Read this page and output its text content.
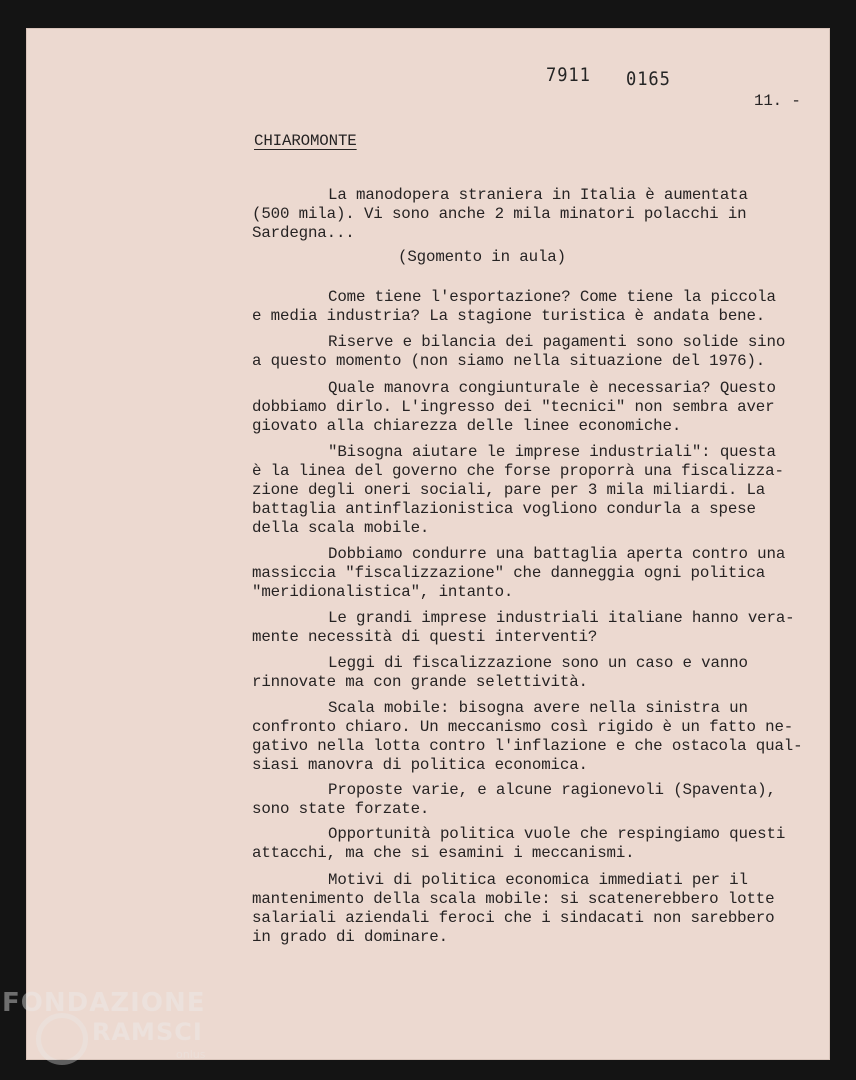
7911 0165
11. -
CHIAROMONTE
La manodopera straniera in Italia è aumentata
(500 mila). Vi sono anche 2 mila minatori polacchi in
Sardegna...
(Sgomento in aula)
Come tiene l'esportazione? Come tiene la piccola
e media industria? La stagione turistica è andata bene.
Riserve e bilancia dei pagamenti sono solide sino
a questo momento (non siamo nella situazione del 1976).
Quale manovra congiunturale è necessaria? Questo
dobbiamo dirlo. L'ingresso dei "tecnici" non sembra aver
giovato alla chiarezza delle linee economiche.
"Bisogna aiutare le imprese industriali": questa
è la linea del governo che forse proporrà una fiscalizza-
zione degli oneri sociali, pare per 3 mila miliardi. La
battaglia antinflazionistica vogliono condurla a spese
della scala mobile.
Dobbiamo condurre una battaglia aperta contro una
massiccia "fiscalizzazione" che danneggia ogni politica
"meridionalistica", intanto.
Le grandi imprese industriali italiane hanno vera-
mente necessità di questi interventi?
Leggi di fiscalizzazione sono un caso e vanno
rinnovate ma con grande selettività.
Scala mobile: bisogna avere nella sinistra un
confronto chiaro. Un meccanismo così rigido è un fatto ne-
gativo nella lotta contro l'inflazione e che ostacola qual-
siasi manovra di politica economica.
Proposte varie, e alcune ragionevoli (Spaventa),
sono state forzate.
Opportunità politica vuole che respingiamo questi
attacchi, ma che si esamini i meccanismi.
Motivi di politica economica immediati per il
mantenimento della scala mobile: si scatenerebbero lotte
salariali aziendali feroci che i sindacati non sarebbero
in grado di dominare.
FONDAZIONE
RAMSCI
onlus
